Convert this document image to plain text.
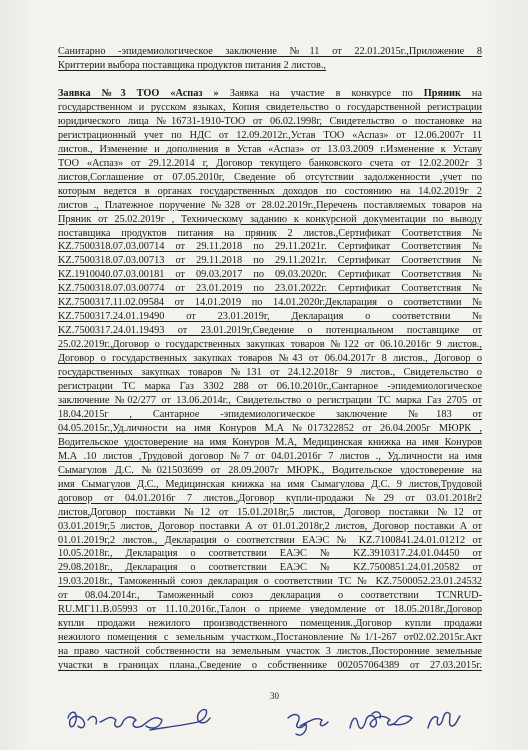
Санитарно -эпидемиологическое заключение №11 от 22.01.2015г.,Приложение 8

Криттерии выбора поставщика продуктов питания 2 листов.,

Заявка №3 ТОО «Аспаз » Заявка на участие в конкурсе по Пряник на

государственном и русском языках, Копия свидетельство о государственной регистрации

юридического лица №16731-1910-ТОО от 06.02.1998г, Свидетельство о постановке на

регистрационный учет по НДС от 12.09.2012г.,Устав ТОО «Аспаз» от 12.06.2007г 11

листов., Изменение и дополнения в Устав «Аспаз» от 13.03.2009 г.Изменение к Уставу

ТОО «Аспаз» от 29.12.2014 г, Договор текущего банковского счета от 12.02.2002г 3

листов,Соглашение от 07.05.2010г, Сведение об отсутствии задолженности ,учет по

которым ведется в органах государственных доходов по состоянию на 14.02.2019г 2

листов ., Платежное поручение №328 от 28.02.2019г.,Перечень поставляемых товаров на

Пряник от 25.02.2019г , Техническому заданию к конкурсной документации по выводу

поставщика продуктов питания на пряник 2 листов.,Сертификат Соответствия №

KZ.7500318.07.03.00714 от 29.11.2018 по 29.11.2021г. Сертификат Соответствия №

KZ.7500318.07.03.00713 от 29.11.2018 по 29.11.2021г. Сертификат Соответствия №

KZ.1910040.07.03.00181 от 09.03.2017 по 09.03.2020г. Сертификат Соответствия №

KZ.7500318.07.03.00774 от 23.01.2019 по 23.01.2022г. Сертификат Соответствия №

KZ.7500317.11.02.09584 от 14.01.2019 по 14.01.2020г.Декларация о соответствии №

KZ.7500317.24.01.19490 от 23.01.2019г, Декларация о соответствии №

KZ.7500317.24.01.19493 от 23.01.2019г,Сведение о потенциальном поставщике от

25.02.2019г.,Договор о государственных закупках товаров №122 от 06.10.2016г 9 листов.,

Договор о государственных закупках товаров №43 от 06.04.2017г 8 листов., Договор о

государственных закупках товаров №131 от 24.12.2018г 9 листов., Свидетельство о

регистрации ТС марка Газ 3302 288 от 06.10.2010г.,Сантарное -эпидемиологическое

заключение №02/277 от 13.06.2014г., Свидетельство о регистрации ТС марка Газ 2705 от

18.04.2015г , Сантарное -эпидемиологическое заключение №183 от

04.05.2015г.,Уд.личности на имя Конуров М.А №017322852 от 26.04.2005г МЮРК ,

Водительское удостоверение на имя Конуров М.А, Медицинская книжка на имя Конуров

М.А .10 листов ,Трудовой договор №7 от 04.01.2016г 7 листов ., Уд.личности на имя

Сымагулов Д.С. №021503699 от 28.09.2007г МЮРК., Водительское удостоверение на

имя Сымагулов Д.С., Медицинская книжка на имя Сымагулова Д.С. 9 листов,Трудовой

договор от 04.01.2016г 7 листов.,Договор купли-продажи №29 от 03.01.2018г2

листов,Договор поставки №12 от 15.01.2018г,5 листов, Договор поставки №12 от

03.01.2019г,5 листов, Договор поставки А от 01.01.2018г,2 листов, Договор поставки А от

01.01.2019г,2 листов., Декларация о соответствии ЕАЭС № KZ.7100841.24.01.01212 от

10.05.2018г., Декларация о соответствии ЕАЭС № KZ.3910317.24.01.04450 от

29.08.2018г., Декларация о соответствии ЕАЭС № KZ.7500851.24.01.20582 от

19.03.2018г., Таможенный союз декларация о соответствии ТС № KZ.7500052.23.01.24532

от 08.04.2014г., Таможенный союз декларация о соответствии TCNRUD-

RU.МГ11.В.05993 от 11.10.2016г.,Талон о приеме уведомление от 18.05.2018г.Договор

купли продажи нежилого производственного помещения.,Договор купли продажи

нежилого помещения с земельным участком.,Постановление №1/1-267 от02.02.2015г.Акт

на право частной собственности на земельным участок 3 листов.,Посторонние земельные

участки в границах плана.,Сведение о собственнике 002057064389 от 27.03.2015г.

30
